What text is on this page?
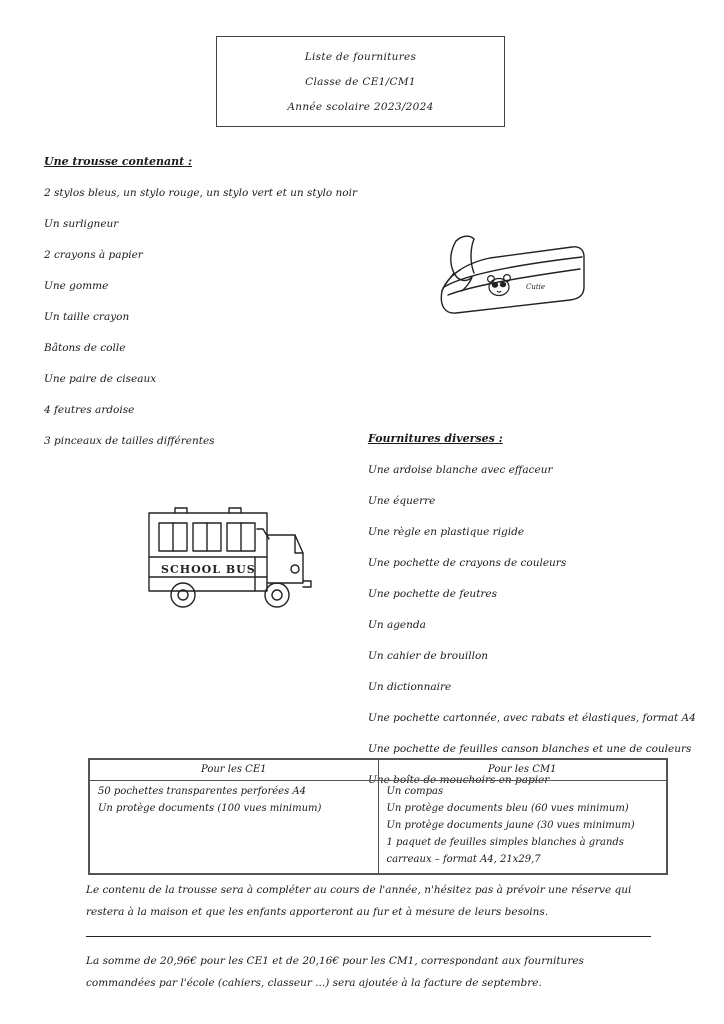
Liste de fournitures
Classe de CE1/CM1
Année scolaire 2023/2024
Une trousse contenant :
2 stylos bleus, un stylo rouge, un stylo vert et un stylo noir
Un surligneur
2 crayons à papier
Une gomme
Un taille crayon
Bâtons de colle
Une paire de ciseaux
4 feutres ardoise
3 pinceaux de tailles différentes
Cutie
Fournitures diverses :
Une ardoise blanche avec effaceur
Une équerre
Une règle en plastique rigide
Une pochette de crayons de couleurs
Une pochette de feutres
Un agenda
Un cahier de brouillon
Un dictionnaire
Une pochette cartonnée, avec rabats et élastiques, format A4
Une pochette de feuilles canson blanches et une de couleurs
Une boîte de mouchoirs en papier
SCHOOL BUS
Pour les CE1	Pour les CM1

50 pochettes transparentes perforées A4
Un protège documents (100 vues minimum)

Un compas
Un protège documents bleu (60 vues minimum)
Un protège documents jaune (30 vues minimum)
1 paquet de feuilles simples blanches à grands
carreaux – format A4, 21x29,7
Le contenu de la trousse sera à compléter au cours de l'année, n'hésitez pas à prévoir une réserve qui restera à la maison et que les enfants apporteront au fur et à mesure de leurs besoins.
La somme de 20,96€ pour les CE1 et de 20,16€ pour les CM1, correspondant aux fournitures commandées par l'école (cahiers, classeur ...) sera ajoutée à la facture de septembre.
